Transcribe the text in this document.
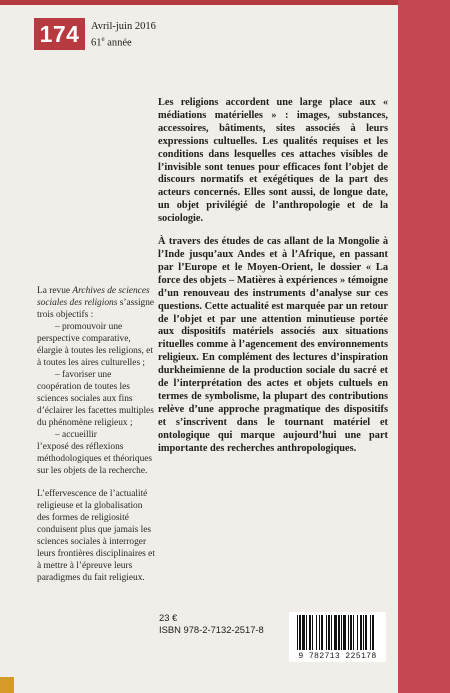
174	Avril-juin 2016
61e année

Les religions accordent une large place aux « médiations matérielles » : images, substances, accessoires, bâtiments, sites associés à leurs expressions cultuelles. Les qualités requises et les conditions dans lesquelles ces attaches visibles de l’invisible sont tenues pour efficaces font l’objet de discours normatifs et exégétiques de la part des acteurs concernés. Elles sont aussi, de longue date, un objet privilégié de l’anthropologie et de la sociologie.

À travers des études de cas allant de la Mongolie à l’Inde jusqu’aux Andes et à l’Afrique, en passant par l’Europe et le Moyen-Orient, le dossier « La force des objets – Matières à expériences » témoigne d’un renouveau des instruments d’analyse sur ces questions. Cette actualité est marquée par un retour de l’objet et par une attention minutieuse portée aux dispositifs matériels associés aux situations rituelles comme à l’agencement des environnements religieux. En complément des lectures d’inspiration durkheimienne de la production sociale du sacré et de l’interprétation des actes et objets cultuels en termes de symbolisme, la plupart des contributions relève d’une approche pragmatique des dispositifs et s’inscrivent dans le tournant matériel et ontologique qui marque aujourd’hui une part importante des recherches anthropologiques.

La revue Archives de sciences sociales des religions s’assigne trois objectifs :

– promouvoir une

perspective comparative, élargie à toutes les religions, et à toutes les aires culturelles ;

– favoriser une

coopération de toutes les sciences sociales aux fins d’éclairer les facettes multiples du phénomène religieux ;

– accueillir

l’exposé des réflexions méthodologiques et théoriques sur les objets de la recherche.

L’effervescence de l’actualité religieuse et la globalisation des formes de religiosité conduisent plus que jamais les sciences sociales à interroger leurs frontières disciplinaires et à mettre à l’épreuve leurs paradigmes du fait religieux.

23 €
ISBN 978-2-7132-2517-8
9 782713 225178
